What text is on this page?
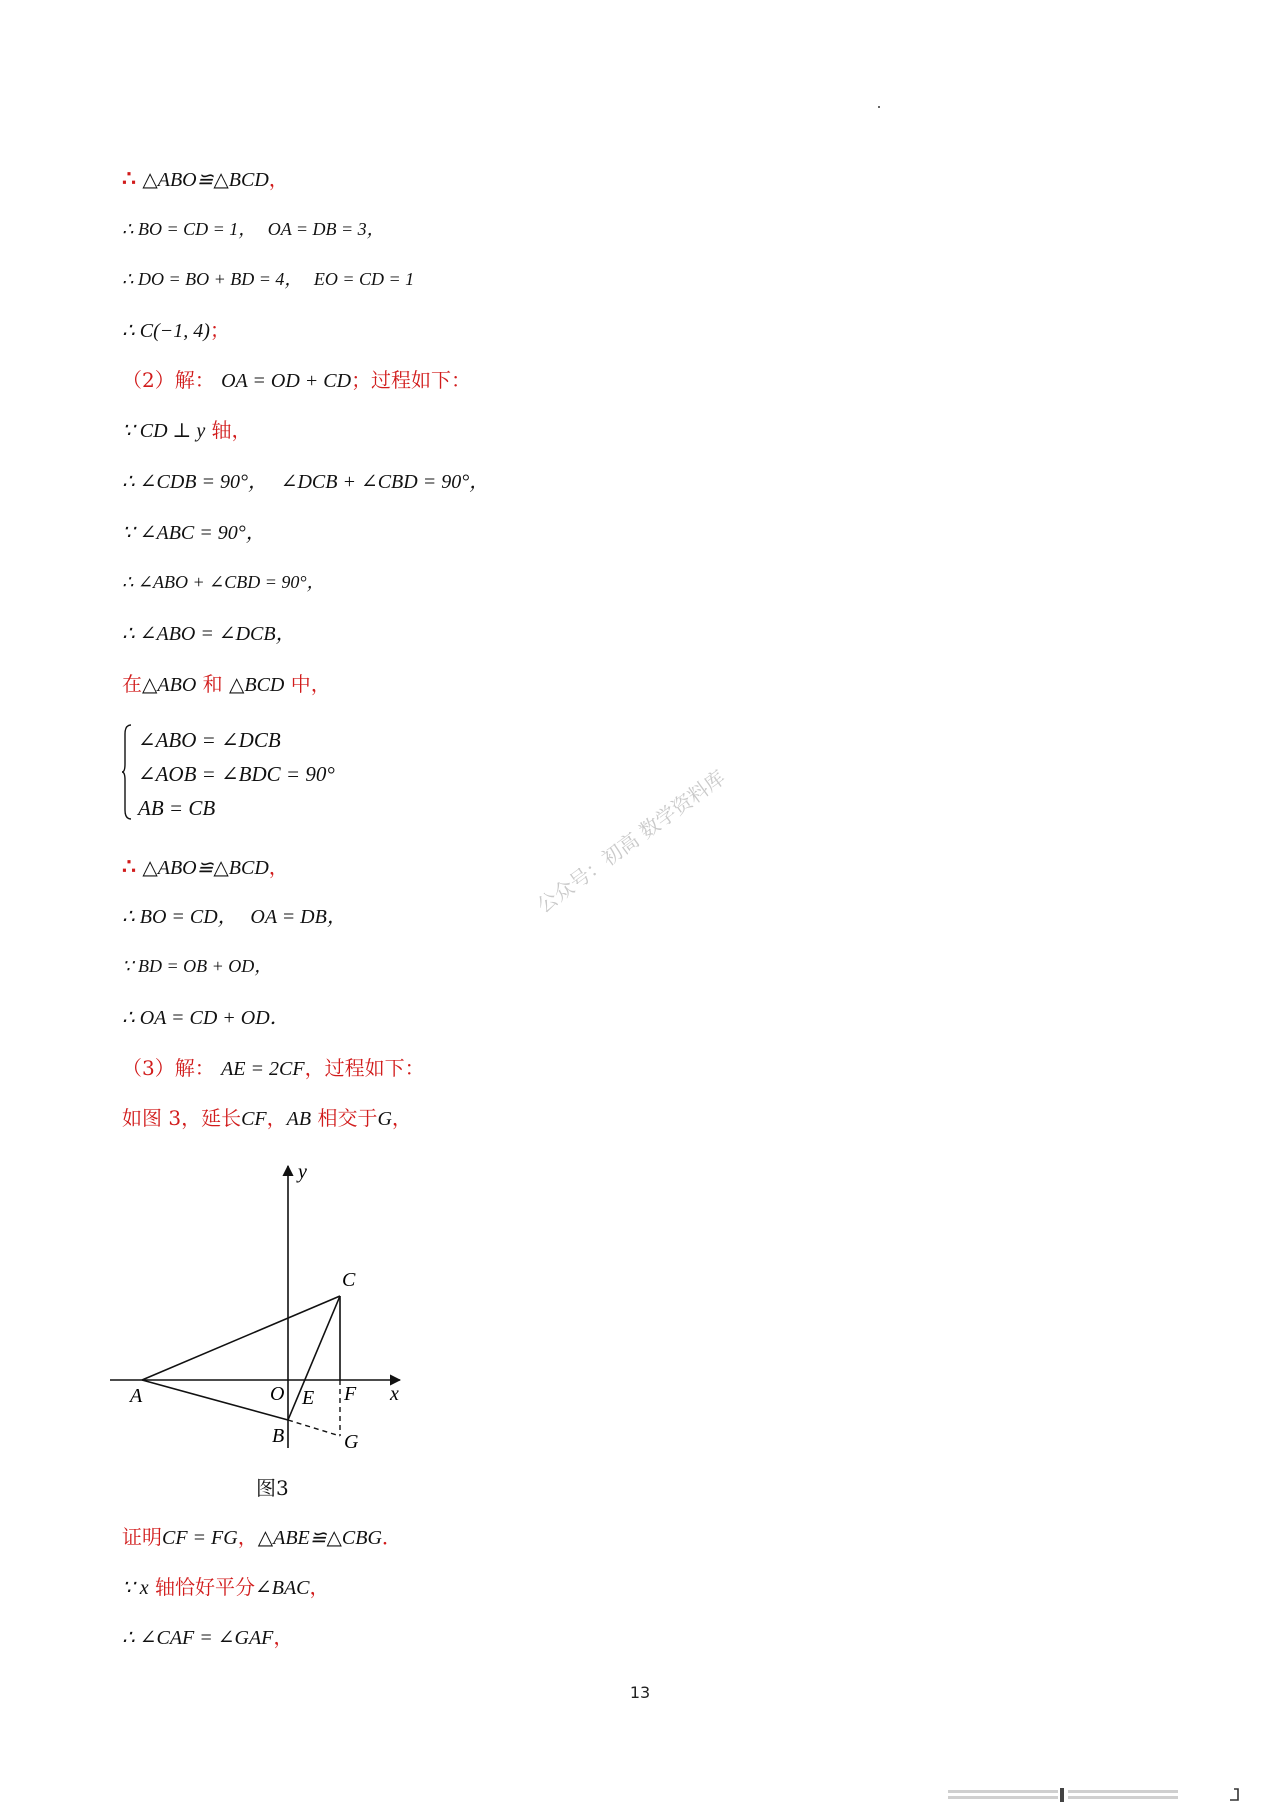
∴ △ABO≌△BCD，
∴ BO = CD = 1， OA = DB = 3，
∴ DO = BO + BD = 4， EO = CD = 1
∴ C(−1, 4)；
（2）解： OA = OD + CD；过程如下：
∵ CD ⊥ y 轴，
∴ ∠CDB = 90°， ∠DCB + ∠CBD = 90°，
∵ ∠ABC = 90°，
∴ ∠ABO + ∠CBD = 90°，
∴ ∠ABO = ∠DCB，
在△ABO 和 △BCD 中，
∠ABO = ∠DCB
∠AOB = ∠BDC = 90°
AB = CB
∴ △ABO≌△BCD，
∴ BO = CD， OA = DB，
∵ BD = OB + OD，
∴ OA = CD + OD．
（3）解： AE = 2CF，过程如下：
如图 3，延长CF，AB 相交于G，
y
C
A	O E F x
B	G
图3
证明CF = FG，△ABE≌△CBG．
∵ x 轴恰好平分∠BAC，
∴ ∠CAF = ∠GAF，
公众号：初高 数学资料库
13
